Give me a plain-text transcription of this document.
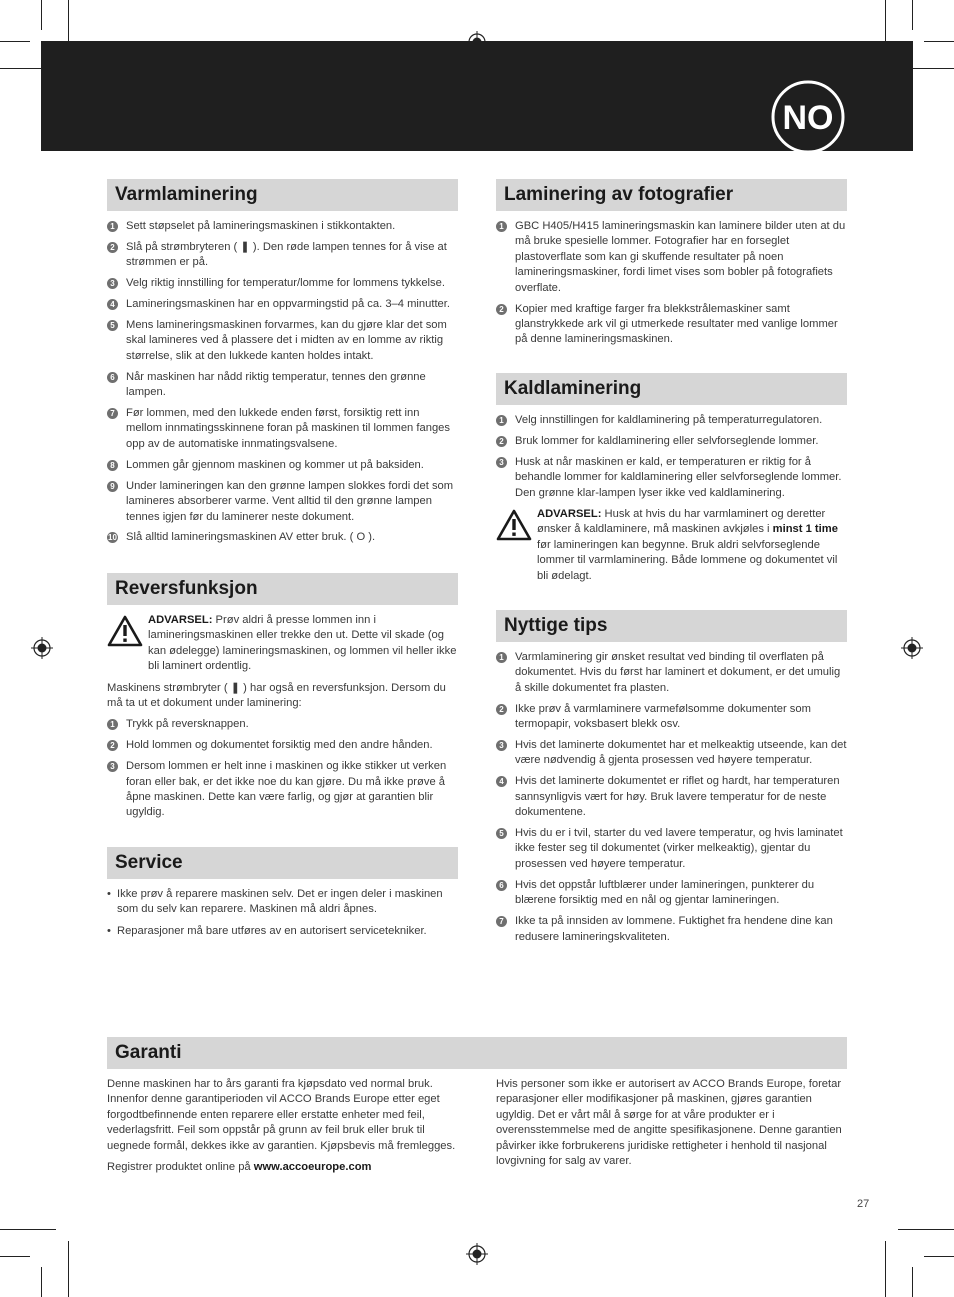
NO
Varmlaminering
1 Sett støpselet på lamineringsmaskinen i stikkontakten.
2 Slå på strømbryteren ( ❚ ). Den røde lampen tennes for å vise at strømmen er på.
3 Velg riktig innstilling for temperatur/lomme for lommens tykkelse.
4 Lamineringsmaskinen har en oppvarmingstid på ca. 3–4 minutter.
5 Mens lamineringsmaskinen forvarmes, kan du gjøre klar det som skal lamineres ved å plassere det i midten av en lomme av riktig størrelse, slik at den lukkede kanten holdes intakt.
6 Når maskinen har nådd riktig temperatur, tennes den grønne lampen.
7 Før lommen, med den lukkede enden først, forsiktig rett inn mellom innmatingsskinnene foran på maskinen til lommen fanges opp av de automatiske innmatingsvalsene.
8 Lommen går gjennom maskinen og kommer ut på baksiden.
9 Under lamineringen kan den grønne lampen slokkes fordi det som lamineres absorberer varme. Vent alltid til den grønne lampen tennes igjen før du laminerer neste dokument.
10 Slå alltid lamineringsmaskinen AV etter bruk. ( O ).
Reversfunksjon
ADVARSEL: Prøv aldri å presse lommen inn i lamineringsmaskinen eller trekke den ut. Dette vil skade (og kan ødelegge) lamineringsmaskinen, og lommen vil heller ikke bli laminert ordentlig.

Maskinens strømbryter ( ❚ ) har også en reversfunksjon. Dersom du må ta ut et dokument under laminering:

1 Trykk på reversknappen.
2 Hold lommen og dokumentet forsiktig med den andre hånden.
3 Dersom lommen er helt inne i maskinen og ikke stikker ut verken foran eller bak, er det ikke noe du kan gjøre. Du må ikke prøve å åpne maskinen. Dette kan være farlig, og gjør at garantien blir ugyldig.
Service
• Ikke prøv å reparere maskinen selv. Det er ingen deler i maskinen som du selv kan reparere. Maskinen må aldri åpnes.
• Reparasjoner må bare utføres av en autorisert servicetekniker.
Laminering av fotografier
1 GBC H405/H415 lamineringsmaskin kan laminere bilder uten at du må bruke spesielle lommer. Fotografier har en forseglet plastoverflate som kan gi skuffende resultater på noen lamineringsmaskiner, fordi limet vises som bobler på fotografiets overflate.
2 Kopier med kraftige farger fra blekkstrålemaskiner samt glanstrykkede ark vil gi utmerkede resultater med vanlige lommer på denne lamineringsmaskinen.
Kaldlaminering
1 Velg innstillingen for kaldlaminering på temperaturregulatoren.
2 Bruk lommer for kaldlaminering eller selvforseglende lommer.
3 Husk at når maskinen er kald, er temperaturen er riktig for å behandle lommer for kaldlaminering eller selvforseglende lommer. Den grønne klar-lampen lyser ikke ved kaldlaminering.
ADVARSEL: Husk at hvis du har varmlaminert og deretter ønsker å kaldlaminere, må maskinen avkjøles i minst 1 time før lamineringen kan begynne. Bruk aldri selvforseglende lommer til varmlaminering. Både lommene og dokumentet vil bli ødelagt.
Nyttige tips
1 Varmlaminering gir ønsket resultat ved binding til overflaten på dokumentet. Hvis du først har laminert et dokument, er det umulig å skille dokumentet fra plasten.
2 Ikke prøv å varmlaminere varmefølsomme dokumenter som termopapir, voksbasert blekk osv.
3 Hvis det laminerte dokumentet har et melkeaktig utseende, kan det være nødvendig å gjenta prosessen ved høyere temperatur.
4 Hvis det laminerte dokumentet er riflet og hardt, har temperaturen sannsynligvis vært for høy. Bruk lavere temperatur for de neste dokumentene.
5 Hvis du er i tvil, starter du ved lavere temperatur, og hvis laminatet ikke fester seg til dokumentet (virker melkeaktig), gjentar du prosessen ved høyere temperatur.
6 Hvis det oppstår luftblærer under lamineringen, punkterer du blærene forsiktig med en nål og gjentar lamineringen.
7 Ikke ta på innsiden av lommene. Fuktighet fra hendene dine kan redusere lamineringskvaliteten.
Garanti

Denne maskinen har to års garanti fra kjøpsdato ved normal bruk. Innenfor denne garantiperioden vil ACCO Brands Europe etter eget forgodtbefinnende enten reparere eller erstatte enheter med feil, vederlagsfritt. Feil som oppstår på grunn av feil bruk eller bruk til uegnede formål, dekkes ikke av garantien. Kjøpsbevis må fremlegges.

Registrer produktet online på www.accoeurope.com

Hvis personer som ikke er autorisert av ACCO Brands Europe, foretar reparasjoner eller modifikasjoner på maskinen, gjøres garantien ugyldig. Det er vårt mål å sørge for at våre produkter er i overensstemmelse med de angitte spesifikasjonene. Denne garantien påvirker ikke forbrukerens juridiske rettigheter i henhold til nasjonal lovgivning for salg av varer.

27
